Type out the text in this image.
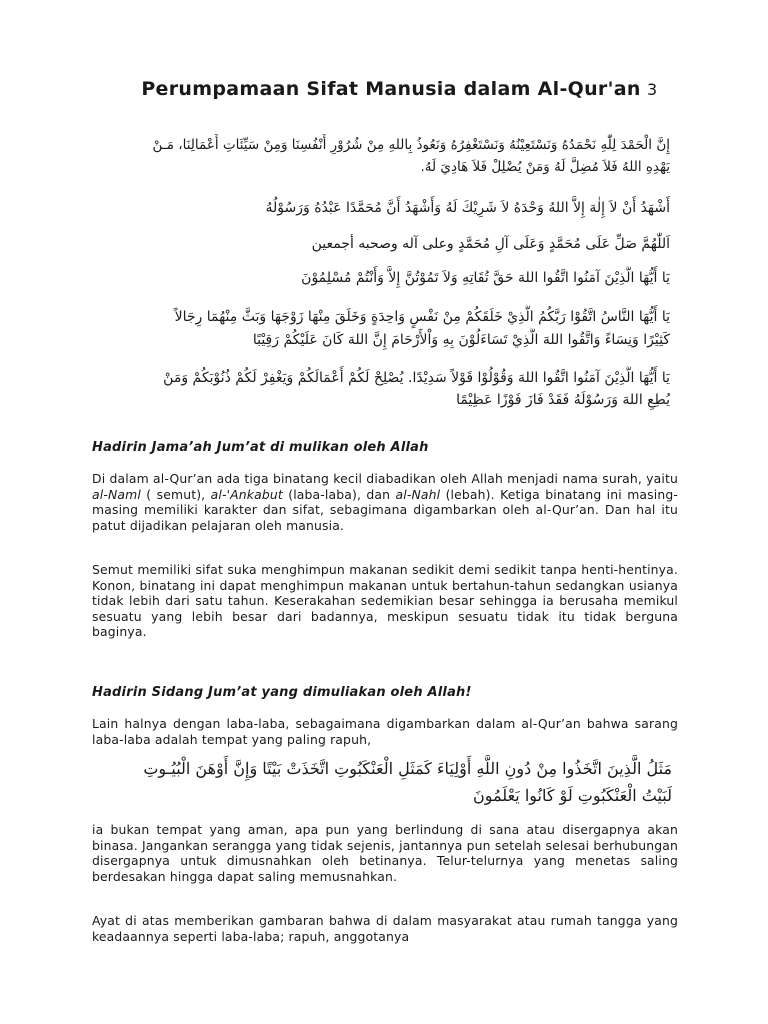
Perumpamaan Sifat Manusia dalam Al-Qur'an 3
إِنَّ الْحَمْدَ لِلّٰهِ نَحْمَدُهُ وَنَسْتَعِيْنُهُ وَنَسْتَغْفِرُهُ وَنَعُوذُ بِاللهِ مِنْ شُرُوْرِ أَنْفُسِنَا وَمِنْ سَيِّئَاتِ أَعْمَالِنَا، مَـنْ
يَهْدِهِ اللهُ فَلاَ مُضِلَّ لَهُ وَمَنْ يُضْلِلْ فَلاَ هَادِيَ لَهُ.
أَشْهَدُ أَنْ لاَ إِلٰهَ إِلاَّ اللهُ وَحْدَهُ لاَ شَرِيْكَ لَهُ وَأَشْهَدُ أَنَّ مُحَمَّدًا عَبْدُهُ وَرَسُوْلُهُ
اَللّٰهُمَّ صَلِّ عَلَى مُحَمَّدٍ وَعَلَى آلِ مُحَمَّدٍ وعلى آله وصحبه أجمعين
يَا أَيُّهَا الَّذِيْنَ آمَنُوا اتَّقُوا اللهَ حَقَّ تُقَاتِهِ وَلاَ تَمُوْتُنَّ إِلاَّ وَأَنْتُمْ مُسْلِمُوْنَ
يَا أَيُّهَا النَّاسُ اتَّقُوْا رَبَّكُمُ الَّذِيْ خَلَقَكُمْ مِنْ نَفْسٍ وَاحِدَةٍ وَخَلَقَ مِنْهَا زَوْجَهَا وَبَثَّ مِنْهُمَا رِجَالاً
كَثِيْرًا وَنِسَاءً وَاتَّقُوا اللهَ الَّذِيْ تَسَاءَلُوْنَ بِهِ وَاْلأَرْحَامَ إِنَّ اللهَ كَانَ عَلَيْكُمْ رَقِيْبًا
يَا أَيُّهَا الَّذِيْنَ آمَنُوا اتَّقُوا اللهَ وَقُوْلُوْا قَوْلاً سَدِيْدًا. يُصْلِحْ لَكُمْ أَعْمَالَكُمْ وَيَغْفِرْ لَكُمْ ذُنُوْبَكُمْ وَمَنْ
يُطِعِ اللهَ وَرَسُوْلَهُ فَقَدْ فَازَ فَوْزًا عَظِيْمًا
Hadirin Jama’ah Jum’at di mulikan oleh Allah

Di dalam al-Qur’an ada tiga binatang kecil diabadikan oleh Allah menjadi nama surah, yaitu al-Naml ( semut), al-'Ankabut (laba-laba), dan al-Nahl (lebah). Ketiga binatang ini masing-masing memiliki karakter dan sifat, sebagimana digambarkan oleh al-Qur’an. Dan hal itu patut dijadikan pelajaran oleh manusia.

Semut memiliki sifat suka menghimpun makanan sedikit demi sedikit tanpa henti-hentinya. Konon, binatang ini dapat menghimpun makanan untuk bertahun-tahun sedangkan usianya tidak lebih dari satu tahun. Keserakahan sedemikian besar sehingga ia berusaha memikul sesuatu yang lebih besar dari badannya, meskipun sesuatu tidak itu tidak berguna baginya.

Hadirin Sidang Jum’at yang dimuliakan oleh Allah!

Lain halnya dengan laba-laba, sebagaimana digambarkan dalam al-Qur’an bahwa sarang laba-laba adalah tempat yang paling rapuh,

مَثَلُ الَّذِينَ اتَّخَذُوا مِنْ دُونِ اللَّهِ أَوْلِيَاءَ كَمَثَلِ الْعَنْكَبُوتِ اتَّخَذَتْ بَيْتًا وَإِنَّ أَوْهَنَ الْبُيُـوتِ
لَبَيْتُ الْعَنْكَبُوتِ لَوْ كَانُوا يَعْلَمُونَ

ia bukan tempat yang aman, apa pun yang berlindung di sana atau disergapnya akan binasa. Jangankan serangga yang tidak sejenis, jantannya pun setelah selesai berhubungan disergapnya untuk dimusnahkan oleh betinanya. Telur-telurnya yang menetas saling berdesakan hingga dapat saling memusnahkan.

Ayat di atas memberikan gambaran bahwa di dalam masyarakat atau rumah tangga yang keadaannya seperti laba-laba; rapuh, anggotanya
